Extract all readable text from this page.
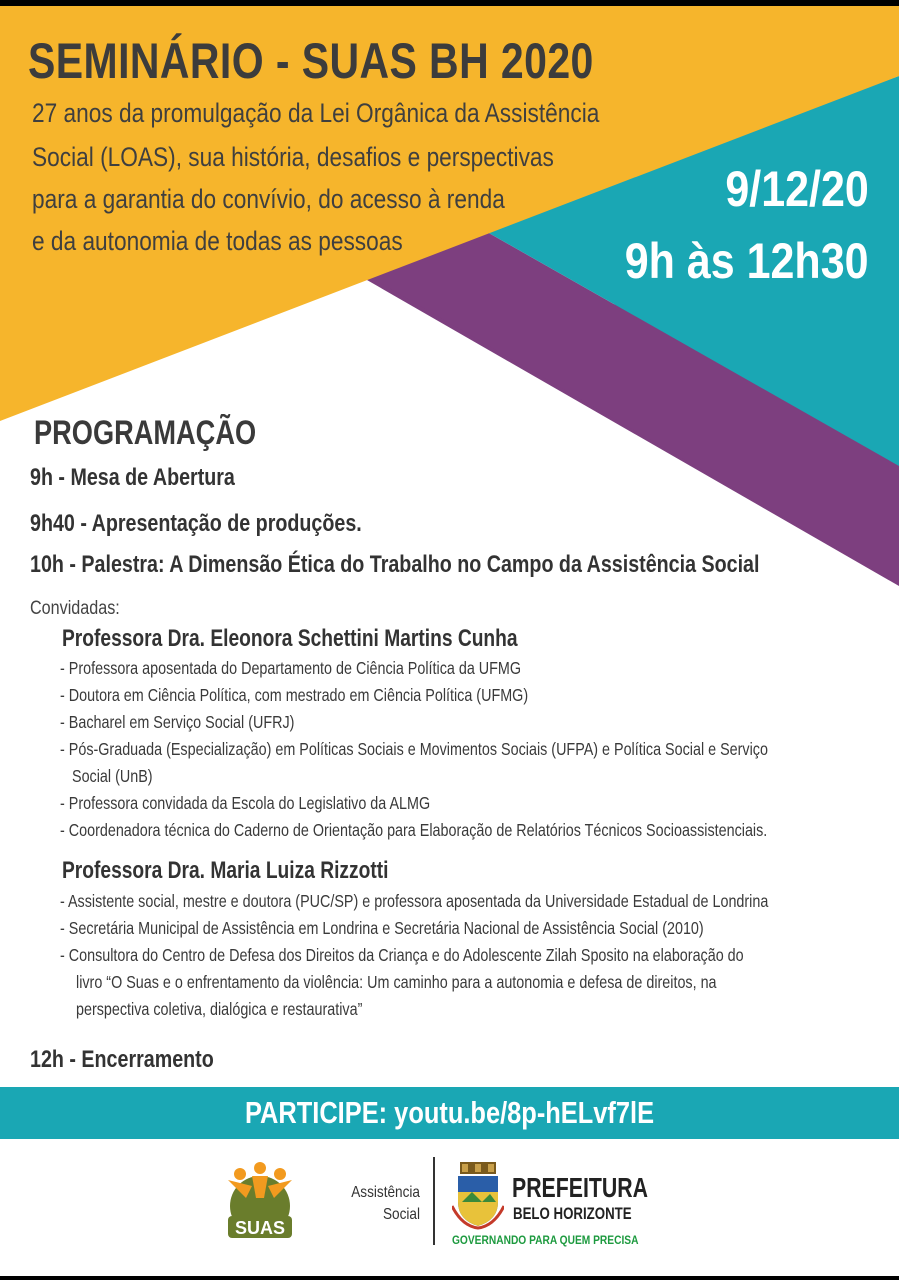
SEMINÁRIO - SUAS BH 2020
27 anos da promulgação da Lei Orgânica da Assistência
Social (LOAS), sua história, desafios e perspectivas
para a garantia do convívio, do acesso à renda
e da autonomia de todas as pessoas
9/12/20
9h às 12h30
PROGRAMAÇÃO
9h - Mesa de Abertura
9h40 - Apresentação de produções.
10h - Palestra: A Dimensão Ética do Trabalho no Campo da Assistência Social
Convidadas:
Professora Dra. Eleonora Schettini Martins Cunha
- Professora aposentada do Departamento de Ciência Política da UFMG
- Doutora em Ciência Política, com mestrado em Ciência Política (UFMG)
- Bacharel em Serviço Social (UFRJ)
- Pós-Graduada (Especialização) em Políticas Sociais e Movimentos Sociais (UFPA) e Política Social e Serviço
Social (UnB)
- Professora convidada da Escola do Legislativo da ALMG
- Coordenadora técnica do Caderno de Orientação para Elaboração de Relatórios Técnicos Socioassistenciais.
Professora Dra. Maria Luiza Rizzotti
- Assistente social, mestre e doutora (PUC/SP) e professora aposentada da Universidade Estadual de Londrina
- Secretária Municipal de Assistência em Londrina e Secretária Nacional de Assistência Social (2010)
- Consultora do Centro de Defesa dos Direitos da Criança e do Adolescente Zilah Sposito na elaboração do
livro “O Suas e o enfrentamento da violência: Um caminho para a autonomia e defesa de direitos, na
perspectiva coletiva, dialógica e restaurativa”
12h - Encerramento
PARTICIPE: youtu.be/8p-hELvf7lE
SUAS
Assistência
Social
PREFEITURA
BELO HORIZONTE
GOVERNANDO PARA QUEM PRECISA
